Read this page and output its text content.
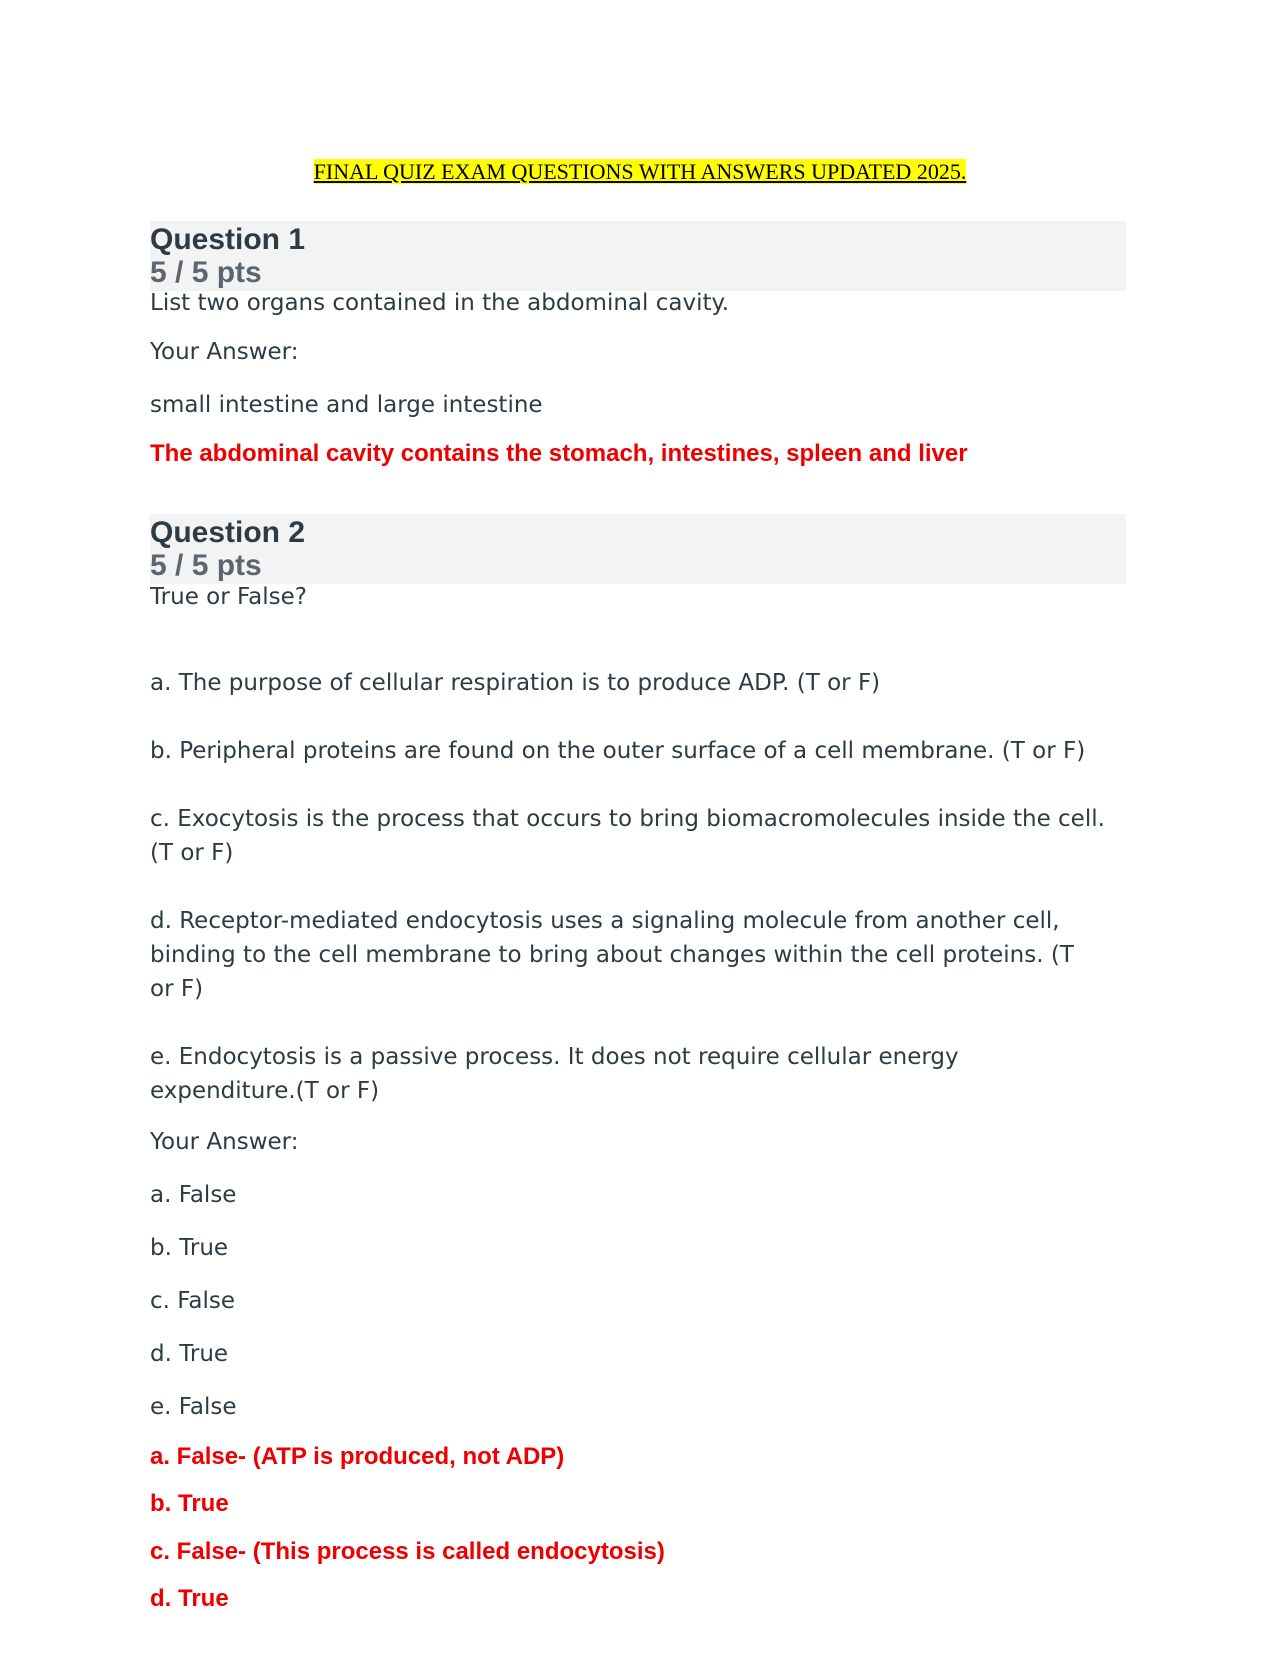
FINAL QUIZ EXAM QUESTIONS WITH ANSWERS UPDATED 2025.
Question 1
5 / 5 pts
List two organs contained in the abdominal cavity.
Your Answer:
small intestine and large intestine
The abdominal cavity contains the stomach, intestines, spleen and liver
Question 2
5 / 5 pts
True or False?
a. The purpose of cellular respiration is to produce ADP. (T or F)
b. Peripheral proteins are found on the outer surface of a cell membrane. (T or F)
c. Exocytosis is the process that occurs to bring biomacromolecules inside the cell.
(T or F)
d. Receptor-mediated endocytosis uses a signaling molecule from another cell,
binding to the cell membrane to bring about changes within the cell proteins. (T
or F)
e. Endocytosis is a passive process. It does not require cellular energy
expenditure.(T or F)
Your Answer:
a. False
b. True
c. False
d. True
e. False
a. False- (ATP is produced, not ADP)
b. True
c. False- (This process is called endocytosis)
d. True
